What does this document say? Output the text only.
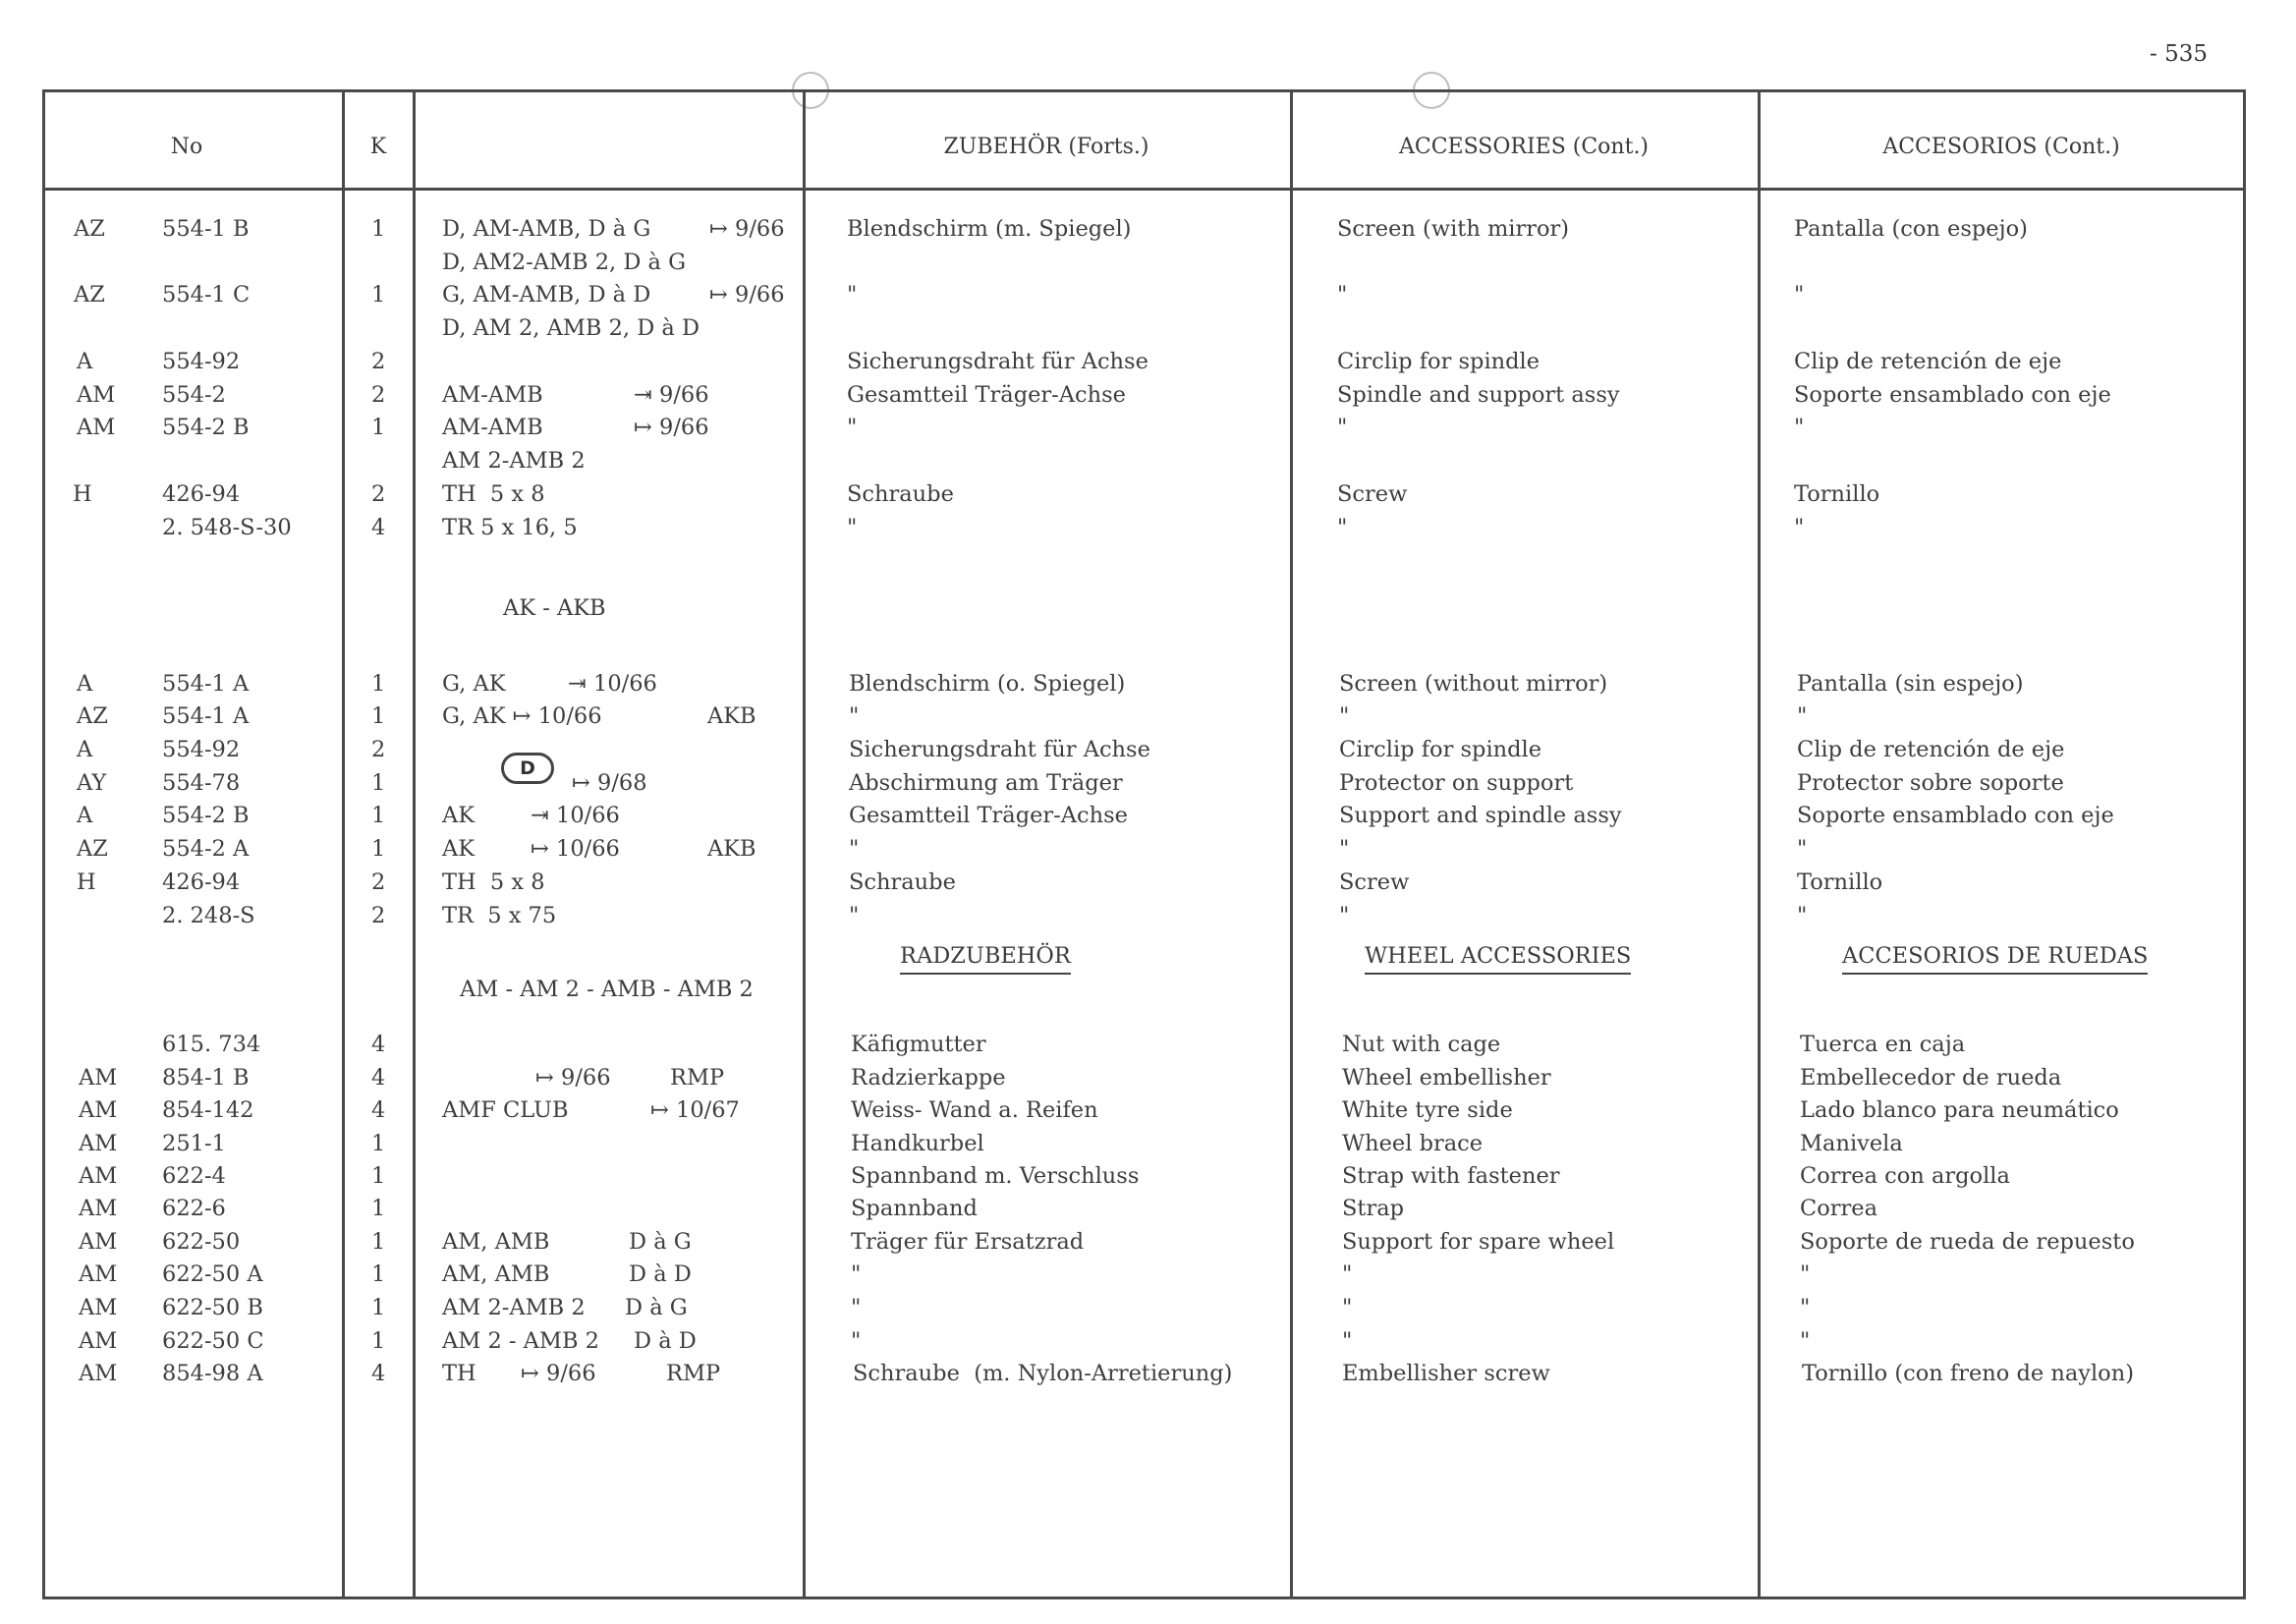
- 535
No	K	ZUBEHÖR (Forts.)	ACCESSORIES (Cont.)	ACCESORIOS (Cont.)
AK - AKB
AM - AM 2 - AMB - AMB 2
RADZUBEHÖR	WHEEL ACCESSORIES	ACCESORIOS DE RUEDAS
D
AZ	554-1 B	1	D, AM-AMB, D à G	↦ 9/66	Blendschirm (m. Spiegel)	Screen (with mirror)	Pantalla (con espejo)
D, AM2-AMB 2, D à G
AZ	554-1 C	1	G, AM-AMB, D à D	↦ 9/66	"	"	"
D, AM 2, AMB 2, D à D
A	554-92	2	Sicherungsdraht für Achse	Circlip for spindle	Clip de retención de eje
AM 554-2	2	AM-AMB	⇥ 9/66	Gesamtteil Träger-Achse	Spindle and support assy	Soporte ensamblado con eje
AM 554-2 B	1	AM-AMB	↦ 9/66	"	"	"
AM 2-AMB 2
H	426-94	2	TH  5 x 8	Schraube	Screw	Tornillo
2. 548-S-30	4	TR 5 x 16, 5	"	"	"
A	554-1 A	1	G, AK	⇥ 10/66	Blendschirm (o. Spiegel)	Screen (without mirror)	Pantalla (sin espejo)
AZ 554-1 A	1	G, AK ↦ 10/66	AKB	"	"	"
A	554-92	2	Sicherungsdraht für Achse	Circlip for spindle	Clip de retención de eje
AY	554-78	1	↦ 9/68	Abschirmung am Träger	Protector on support	Protector sobre soporte
A	554-2 B	1	AK	⇥ 10/66	Gesamtteil Träger-Achse	Support and spindle assy	Soporte ensamblado con eje
AZ 554-2 A	1	AK	↦ 10/66	AKB	"	"	"
H	426-94	2	TH  5 x 8	Schraube	Screw	Tornillo
2. 248-S	2	TR  5 x 75	"	"	"
615. 734	4	Käfigmutter	Nut with cage	Tuerca en caja
AM 854-1 B	4	↦ 9/66	RMP	Radzierkappe	Wheel embellisher	Embellecedor de rueda
AM 854-142	4	AMF CLUB	↦ 10/67	Weiss- Wand a. Reifen	White tyre side	Lado blanco para neumático
AM 251-1	1	Handkurbel	Wheel brace	Manivela
AM 622-4	1	Spannband m. Verschluss	Strap with fastener	Correa con argolla
AM 622-6	1	Spannband	Strap	Correa
AM 622-50	1	AM, AMB	D à G	Träger für Ersatzrad	Support for spare wheel	Soporte de rueda de repuesto
AM 622-50 A	1	AM, AMB	D à D	"	"	"
AM 622-50 B	1	AM 2-AMB 2 D à G	"	"	"
AM 622-50 C	1	AM 2 - AMB 2 D à D	"	"	"
AM 854-98 A	4	TH ↦ 9/66	RMP	Schraube  (m. Nylon-Arretierung)	Embellisher screw	Tornillo (con freno de naylon)
